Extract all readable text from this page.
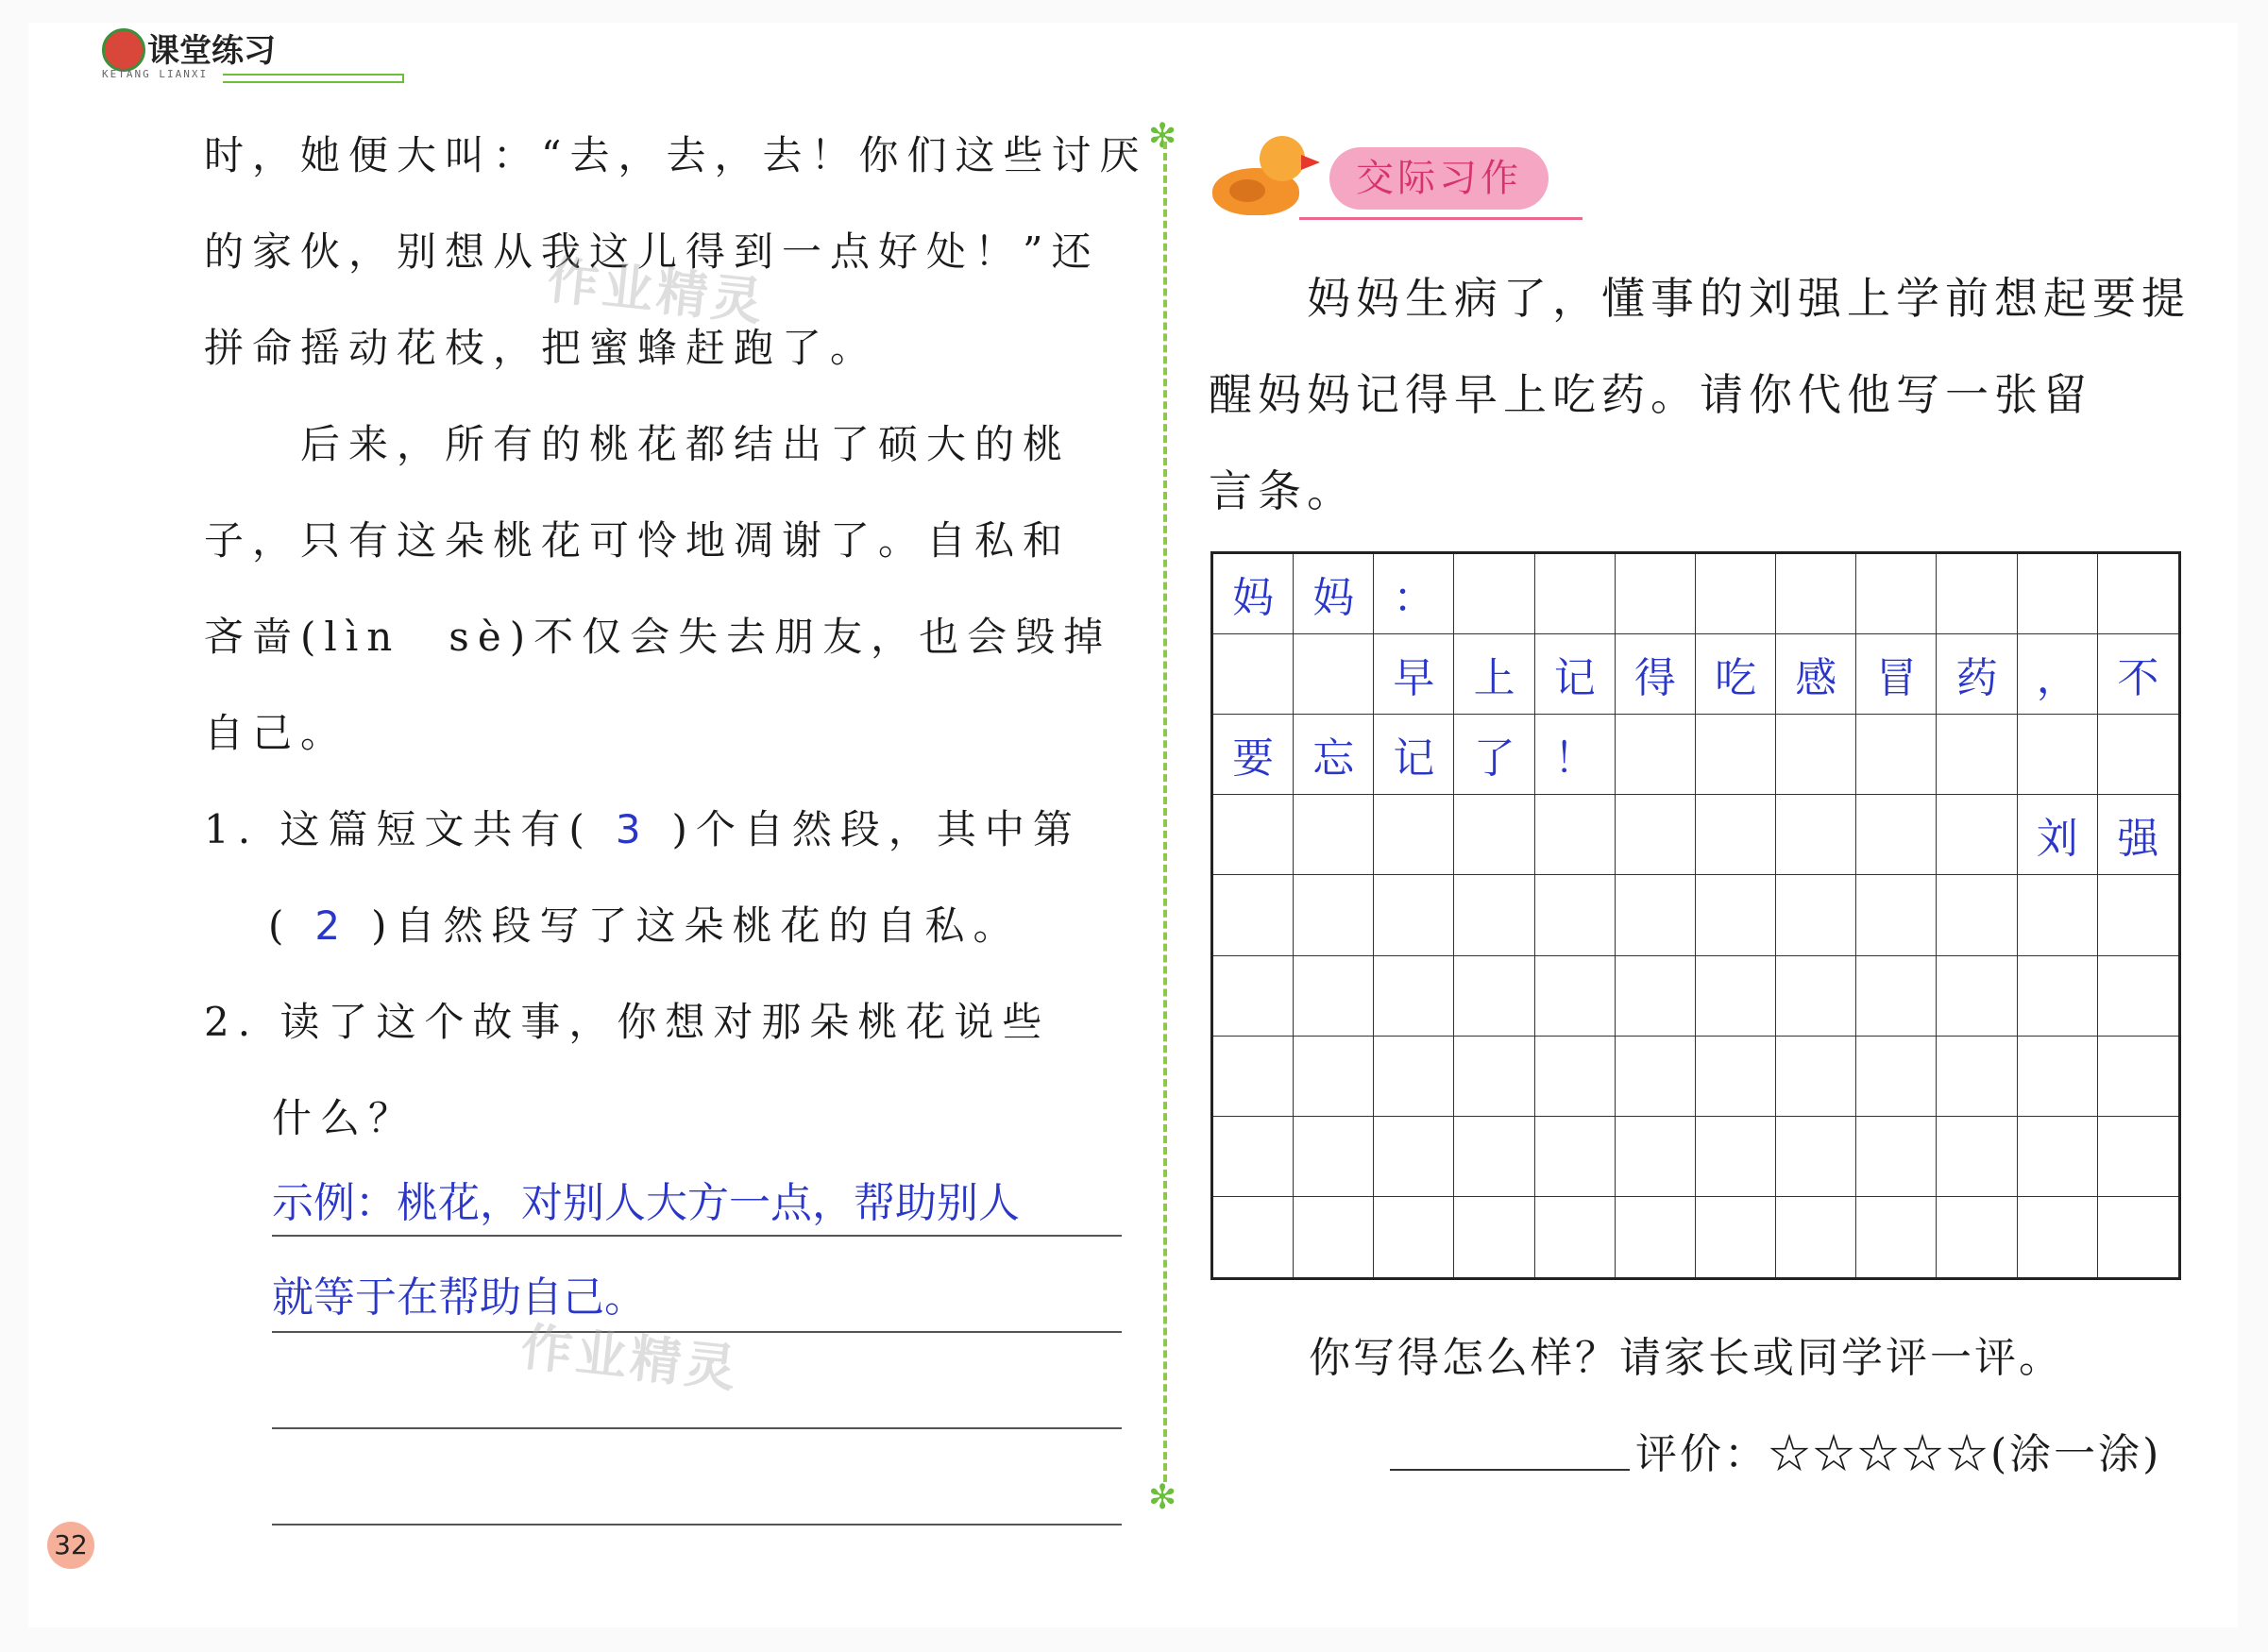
课堂练习
KETANG LIANXI
时，她便大叫：“去，去，去！你们这些讨厌
的家伙，别想从我这儿得到一点好处！”还
拼命摇动花枝，把蜜蜂赶跑了。
　　后来，所有的桃花都结出了硕大的桃
子，只有这朵桃花可怜地凋谢了。自私和
吝啬(lìn　sè)不仅会失去朋友，也会毁掉
自己。
1. 这篇短文共有( 3 )个自然段，其中第
( 2 )自然段写了这朵桃花的自私。
2. 读了这个故事，你想对那朵桃花说些
什么？
示例：桃花，对别人大方一点，帮助别人
就等于在帮助自己。
✻
✻
交际习作
　　妈妈生病了，懂事的刘强上学前想起要提
醒妈妈记得早上吃药。请你代他写一张留
言条。
妈 妈 ：
早 上 记 得 吃 感 冒 药 ， 不
要 忘 记 了 ！
刘 强
你写得怎么样？请家长或同学评一评。
评价：☆☆☆☆☆(涂一涂)
32
作业精灵
作业精灵
